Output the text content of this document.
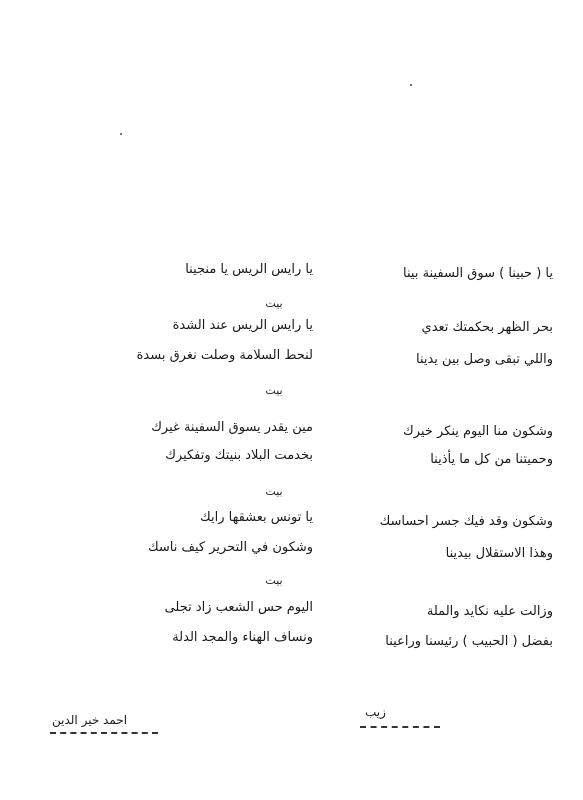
يا رايس الريس يا منجينا	يا ( حبينا ) سوق السفينة بينا
بيت
يا رايس الريس عند الشدة
لنحط السلامة وصلت نغرق بسدة
بحر الظهر بحكمتك تعدي
واللي تبقى وصل بين يدينا
بيت
مين يقدر يسوق السفينة غيرك
بخدمت البلاد بنيتك وتفكيرك
وشكون منا اليوم ينكر خيرك
وحميتنا من كل ما يأذينا
بيت
يا تونس بعشقها رايك
وشكون في التحرير كيف ناسك
وشكون وقد فيك جسر احساسك
وهذا الاستقلال بيدينا
بيت
اليوم حس الشعب زاد تجلى
ونساف الهناء والمجد الدلة
وزالت عليه نكايد والملة
بفضل ( الحبيب ) رئيسنا وراعينا
احمد خير الدين
زيب
